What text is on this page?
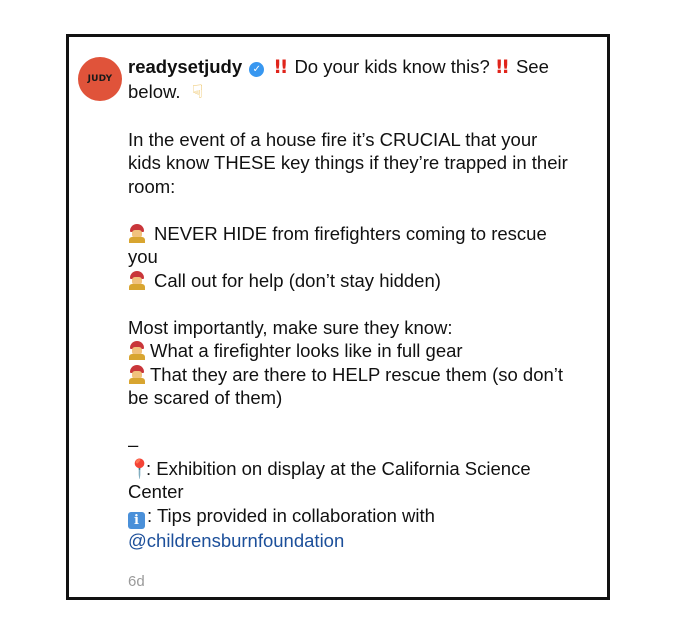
JUDY
readysetjudy ✓ !! Do your kids know this? !! See
below. ☟
In the event of a house fire it’s CRUCIAL that your
kids know THESE key things if they’re trapped in their
room:
NEVER HIDE from firefighters coming to rescue
you
Call out for help (don’t stay hidden)
Most importantly, make sure they know:
What a firefighter looks like in full gear
That they are there to HELP rescue them (so don’t
be scared of them)
–
📍: Exhibition on display at the California Science
Center
i : Tips provided in collaboration with
@childrensburnfoundation
6d
